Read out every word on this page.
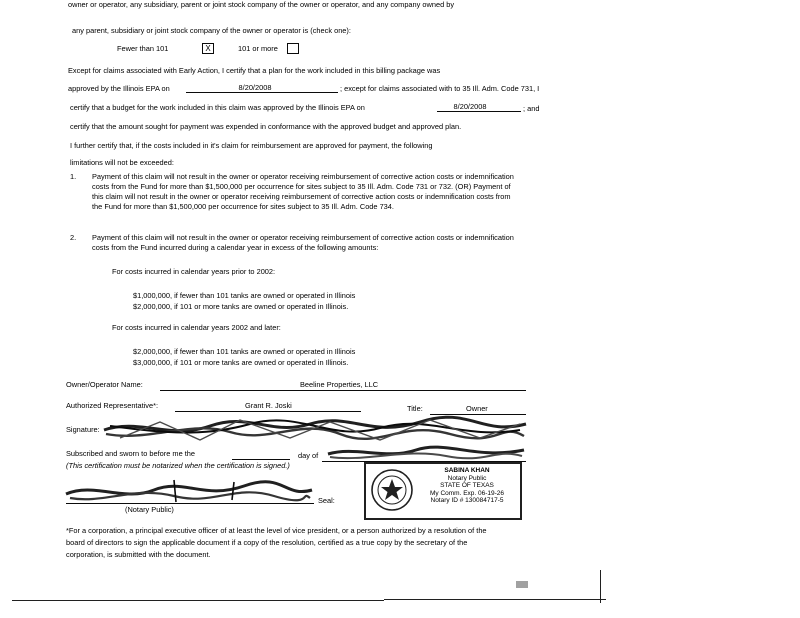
owner or operator, any subsidiary, parent or joint stock company of the owner or operator, and any company owned by
any parent, subsidiary or joint stock company of the owner or operator is (check one):
Fewer than 101	X	101 or more
Except for claims associated with Early Action, I certify that a plan for the work included in this billing package was
approved by the Illinois EPA on	8/20/2008	; except for claims associated with to 35 Ill. Adm. Code 731, I
certify that a budget for the work included in this claim was approved by the Illinois EPA on	8/20/2008	; and
certify that the amount sought for payment was expended in conformance with the approved budget and approved plan.
I further certify that, if the costs included in it's claim for reimbursement are approved for payment, the following
limitations will not be exceeded:
1. Payment of this claim will not result in the owner or operator receiving reimbursement of corrective action costs or indemnification costs from the Fund for more than $1,500,000 per occurrence for sites subject to 35 Ill. Adm. Code 731 or 732. (OR) Payment of this claim will not result in the owner or operator receiving reimbursement of corrective action costs or indemnification costs from the Fund for more than $1,500,000 per occurrence for sites subject to 35 Ill. Adm. Code 734.
2. Payment of this claim will not result in the owner or operator receiving reimbursement of corrective action costs or indemnification costs from the Fund incurred during a calendar year in excess of the following amounts:
For costs incurred in calendar years prior to 2002:
$1,000,000, if fewer than 101 tanks are owned or operated in Illinois
$2,000,000, if 101 or more tanks are owned or operated in Illinois.
For costs incurred in calendar years 2002 and later:
$2,000,000, if fewer than 101 tanks are owned or operated in Illinois
$3,000,000, if 101 or more tanks are owned or operated in Illinois.
Owner/Operator Name:	Beeline Properties, LLC
Authorized Representative*:	Grant R. Joski	Title:	Owner
Signature:
Subscribed and sworn to before me the	day of
(This certification must be notarized when the certification is signed.)
Seal:
(Notary Public)
SABINA KHAN
Notary Public
STATE OF TEXAS
My Comm. Exp. 06-19-26
Notary ID # 130084717-5
*For a corporation, a principal executive officer of at least the level of vice president, or a person authorized by a resolution of the
board of directors to sign the applicable document if a copy of the resolution, certified as a true copy by the secretary of the
corporation, is submitted with the document.
